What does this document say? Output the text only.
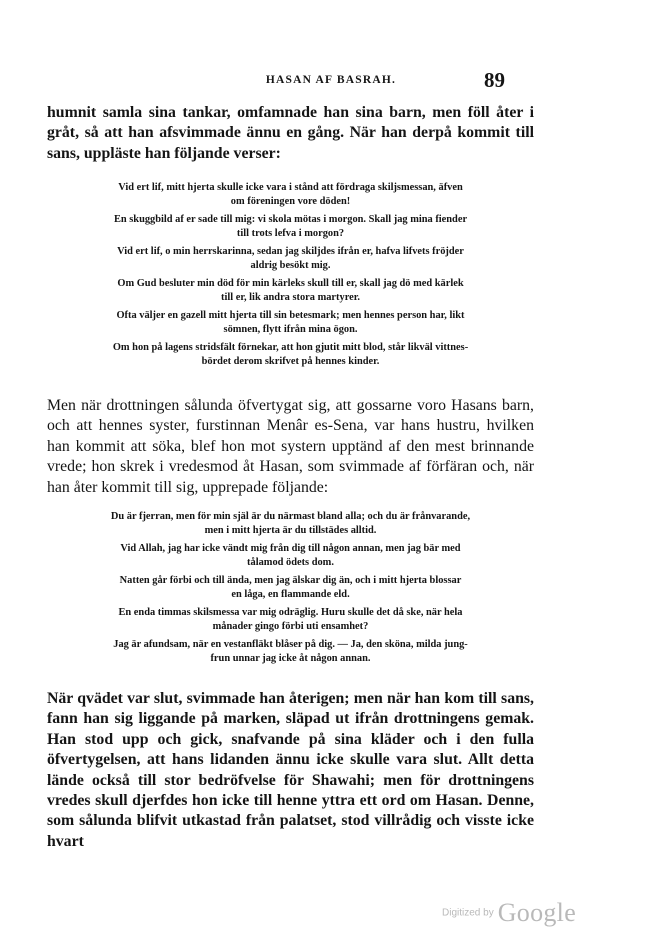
HASAN AF BASRAH.	89

humnit samla sina tankar, omfamnade han sina barn, men föll åter i gråt, så att han afsvimmade ännu en gång. När han derpå kommit till sans, uppläste han följande verser:

Vid ert lif, mitt hjerta skulle icke vara i stånd att fördraga skiljsmessan, äfven
om föreningen vore döden!
En skuggbild af er sade till mig: vi skola mötas i morgon. Skall jag mina fiender
till trots lefva i morgon?
Vid ert lif, o min herrskarinna, sedan jag skiljdes ifrån er, hafva lifvets fröjder
aldrig besökt mig.
Om Gud besluter min död för min kärleks skull till er, skall jag dö med kärlek
till er, lik andra stora martyrer.
Ofta väljer en gazell mitt hjerta till sin betesmark; men hennes person har, likt
sömnen, flytt ifrån mina ögon.
Om hon på lagens stridsfält förnekar, att hon gjutit mitt blod, står likväl vittnes-
bördet derom skrifvet på hennes kinder.

Men när drottningen sålunda öfvertygat sig, att gossarne voro Hasans barn, och att hennes syster, furstinnan Menâr es-Sena, var hans hustru, hvilken han kommit att söka, blef hon mot systern upptänd af den mest brinnande vrede; hon skrek i vredesmod åt Hasan, som svimmade af förfäran och, när han åter kommit till sig, upprepade följande:

Du är fjerran, men för min själ är du närmast bland alla; och du är frånvarande,
men i mitt hjerta är du tillstädes alltid.
Vid Allah, jag har icke vändt mig från dig till någon annan, men jag bär med
tålamod ödets dom.
Natten går förbi och till ända, men jag älskar dig än, och i mitt hjerta blossar
en låga, en flammande eld.
En enda timmas skilsmessa var mig odräglig. Huru skulle det då ske, när hela
månader gingo förbi uti ensamhet?
Jag är afundsam, när en vestanfläkt blåser på dig. — Ja, den sköna, milda jung-
frun unnar jag icke åt någon annan.

När qvädet var slut, svimmade han återigen; men när han kom till sans, fann han sig liggande på marken, släpad ut ifrån drottningens gemak. Han stod upp och gick, snafvande på sina kläder och i den fulla öfvertygelsen, att hans lidanden ännu icke skulle vara slut. Allt detta lände också till stor bedröfvelse för Shawahi; men för drottningens vredes skull djerfdes hon icke till henne yttra ett ord om Hasan. Denne, som sålunda blifvit utkastad från palatset, stod villrådig och visste icke hvart

Digitized by Google
